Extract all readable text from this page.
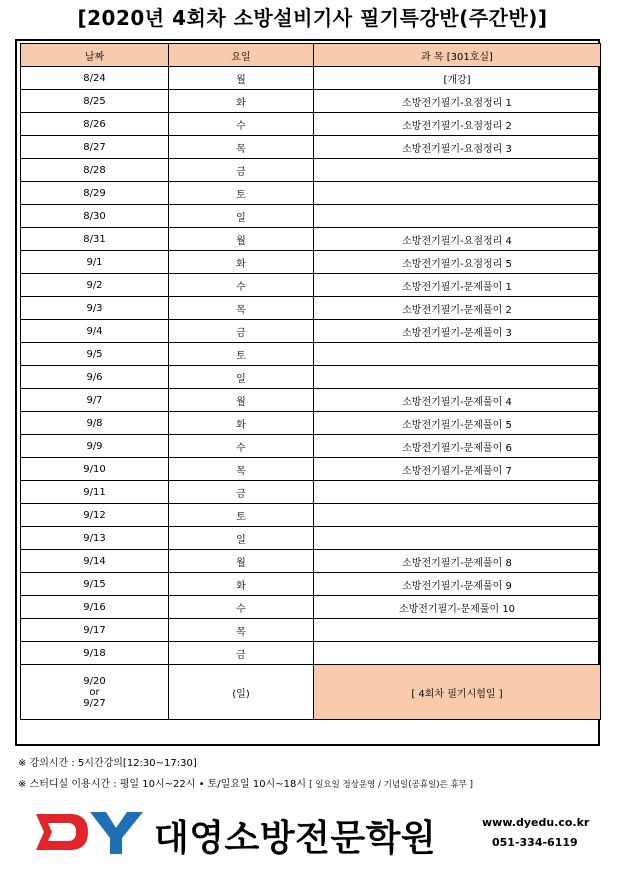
[2020년 4회차 소방설비기사 필기특강반(주간반)]
날짜	요일	과 목 [301호실]
8/24	월	[개강]
8/25	화	소방전기필기-요점정리 1
8/26	수	소방전기필기-요점정리 2
8/27	목	소방전기필기-요점정리 3
8/28	금	
8/29	토	
8/30	일	
8/31	월	소방전기필기-요점정리 4
9/1	화	소방전기필기-요점정리 5
9/2	수	소방전기필기-문제풀이 1
9/3	목	소방전기필기-문제풀이 2
9/4	금	소방전기필기-문제풀이 3
9/5	토	
9/6	일	
9/7	월	소방전기필기-문제풀이 4
9/8	화	소방전기필기-문제풀이 5
9/9	수	소방전기필기-문제풀이 6
9/10	목	소방전기필기-문제풀이 7
9/11	금	
9/12	토	
9/13	일	
9/14	월	소방전기필기-문제풀이 8
9/15	화	소방전기필기-문제풀이 9
9/16	수	소방전기필기-문제풀이 10
9/17	목	
9/18	금	

9/20
or
9/27	(일)	[ 4회차 필기시험일 ]
※ 강의시간 : 5시간강의[12:30~17:30]
※ 스터디실 이용시간 : 평일 10시~22시 • 토/일요일 10시~18시 [ 일요일 정상운영 / 기념일(공휴일)은 휴무 ]
대영소방전문학원	www.dyedu.co.kr
051-334-6119
